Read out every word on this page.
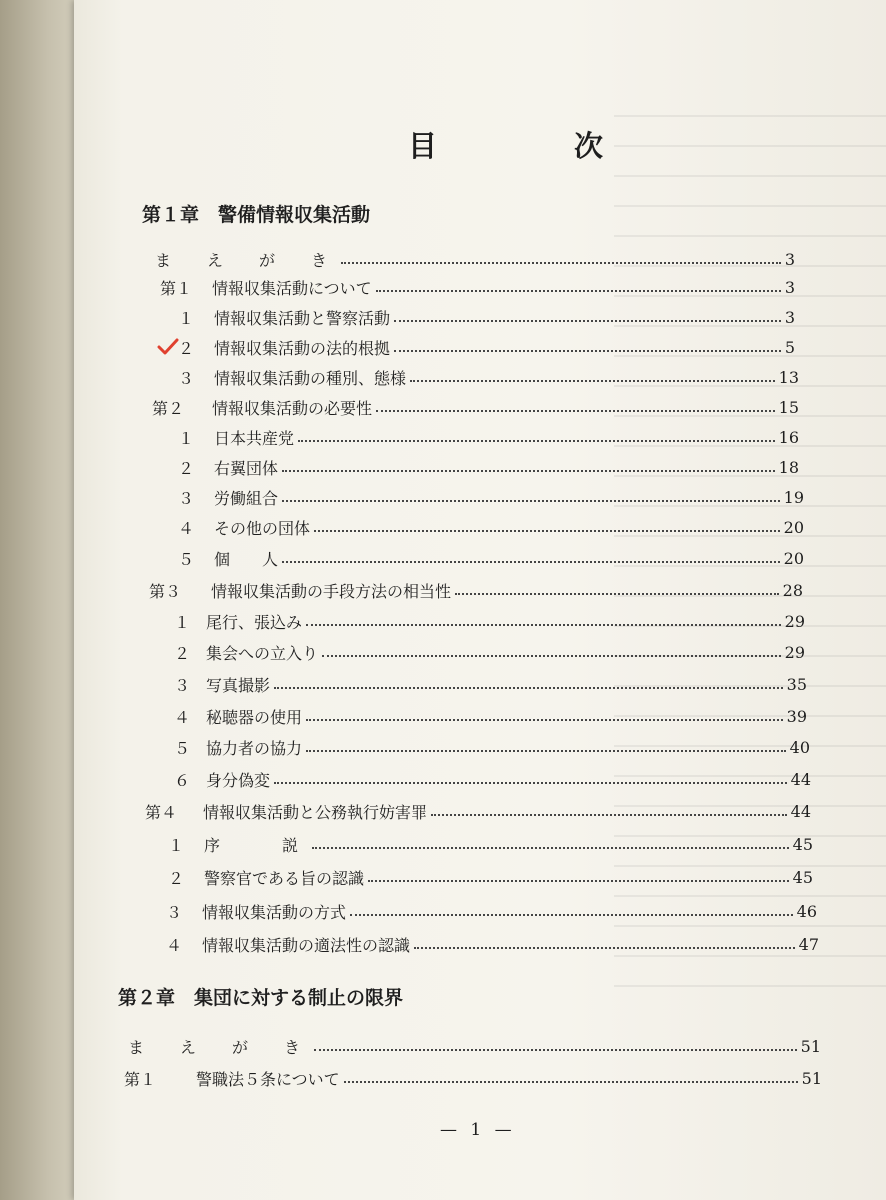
目　次
第１章　警備情報収集活動
ま　え　が　き	3
第１	情報収集活動について	3
１	情報収集活動と警察活動	3
２	情報収集活動の法的根拠	5
３	情報収集活動の種別、態様	13
第２	情報収集活動の必要性	15
１	日本共産党	16
２	右翼団体	18
３	労働組合	19
４	その他の団体	20
５	個　　人	20
第３	情報収集活動の手段方法の相当性	28
１ 尾行、張込み	29
２ 集会への立入り	29
３ 写真撮影	35
４ 秘聴器の使用	39
５ 協力者の協力	40
６ 身分偽変	44
第４	情報収集活動と公務執行妨害罪	44
１	序　　説	45
２	警察官である旨の認識	45
３	情報収集活動の方式	46
４	情報収集活動の適法性の認識	47
第２章　集団に対する制止の限界
ま　え　が　き	51
第１	警職法５条について	51
— 1 —
